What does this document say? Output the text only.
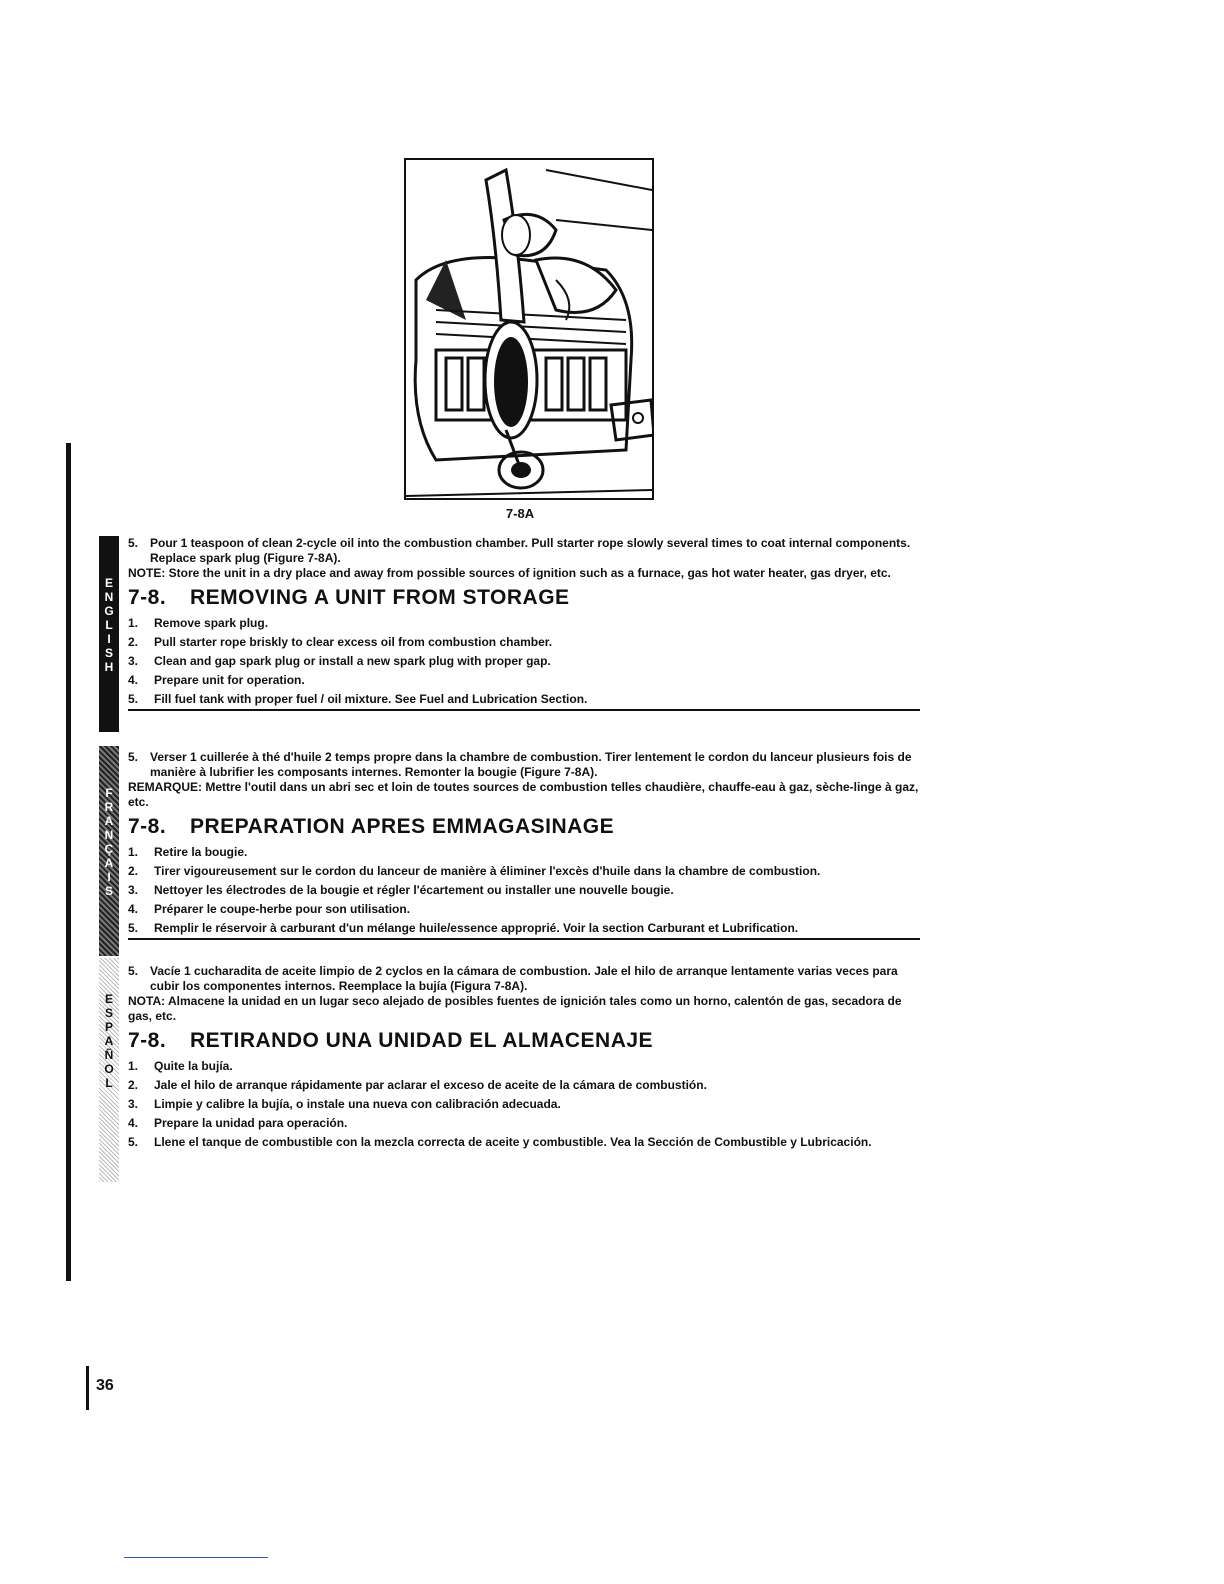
7-8A
E
N
G
L
I
S
H
F
R
A
N
Ç
A
I
S
E
S
P
A
Ñ
O
L

5. Pour 1 teaspoon of clean 2-cycle oil into the combustion chamber. Pull starter rope slowly several times to coat internal components. Replace spark plug (Figure 7-8A).

NOTE: Store the unit in a dry place and away from possible sources of ignition such as a furnace, gas hot water heater, gas dryer, etc.
7-8. REMOVING A UNIT FROM STORAGE
1.	Remove spark plug.
2.	Pull starter rope briskly to clear excess oil from combustion chamber.
3.	Clean and gap spark plug or install a new spark plug with proper gap.
4.	Prepare unit for operation.
5.	Fill fuel tank with proper fuel / oil mixture. See Fuel and Lubrication Section.

5. Verser 1 cuillerée à thé d'huile 2 temps propre dans la chambre de combustion. Tirer lentement le cordon du lanceur plusieurs fois de manière à lubrifier les composants internes. Remonter la bougie (Figure 7-8A).

REMARQUE: Mettre l'outil dans un abri sec et loin de toutes sources de combustion telles chaudière, chauffe-eau à gaz, sèche-linge à gaz, etc.
7-8. PREPARATION APRES EMMAGASINAGE
1.	Retire la bougie.
2.	Tirer vigoureusement sur le cordon du lanceur de manière à éliminer l'excès d'huile dans la chambre de combustion.
3.	Nettoyer les électrodes de la bougie et régler l'écartement ou installer une nouvelle bougie.
4.	Préparer le coupe-herbe pour son utilisation.
5.	Remplir le réservoir à carburant d'un mélange huile/essence approprié. Voir la section Carburant et Lubrification.

5. Vacíe 1 cucharadita de aceite limpio de 2 cyclos en la cámara de combustion. Jale el hilo de arranque lentamente varias veces para cubir los componentes internos. Reemplace la bujía (Figura 7-8A).

NOTA: Almacene la unidad en un lugar seco alejado de posibles fuentes de ignición tales como un horno, calentón de gas, secadora de gas, etc.
7-8. RETIRANDO UNA UNIDAD EL ALMACENAJE
1.	Quite la bujía.
2.	Jale el hilo de arranque rápidamente par aclarar el exceso de aceite de la cámara de combustión.
3.	Limpie y calibre la bujía, o instale una nueva con calibración adecuada.
4.	Prepare la unidad para operación.
5.	Llene el tanque de combustible con la mezcla correcta de aceite y combustible. Vea la Sección de Combustible y Lubricación.
36
